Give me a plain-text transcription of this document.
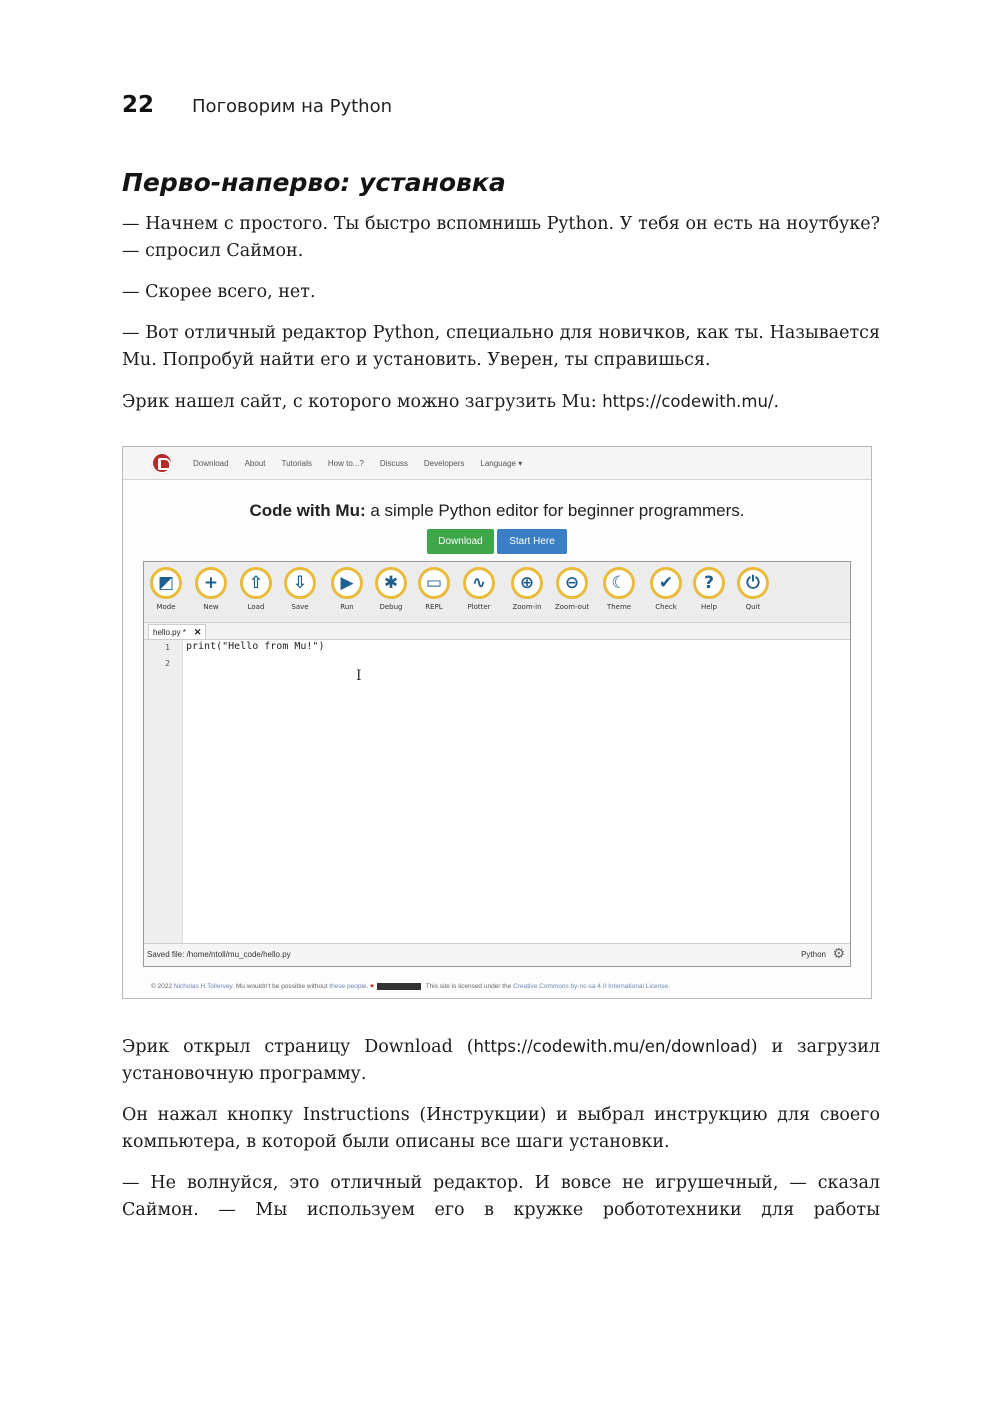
22 Поговорим на Python
Перво-наперво: установка

— Начнем с простого. Ты быстро вспомнишь Python. У тебя он есть на ноутбуке? — спросил Саймон.

— Скорее всего, нет.

— Вот отличный редактор Python, специально для новичков, как ты. Называется Mu. Попробуй найти его и установить. Уверен, ты справишься.

Эрик нашел сайт, с которого можно загрузить Mu: https://codewith.mu/.

Download About Tutorials How to...? Discuss Developers Language ▾
Code with Mu: a simple Python editor for beginner programmers.
Download	Start Here
◩
Mode
+
New
⇧
Load
⇩
Save
▶
Run
✱
Debug
▭
REPL
∿
Plotter
⊕
Zoom-in
⊖
Zoom-out
☾
Theme
✔
Check
?
Help
⏻
Quit
hello.py * ✕
1
2
print("Hello from Mu!")
I
Saved file: /home/ntoll/mu_code/hello.py	Python ⚙
© 2022 Nicholas H.Tollervey. Mu wouldn't be possible without these people. ♥	This site is licensed under the Creative Commons by-nc-sa 4.0 International License.

Эрик открыл страницу Download (https://codewith.mu/en/download) и загрузил установочную программу.

Он нажал кнопку Instructions (Инструкции) и выбрал инструкцию для своего компьютера, в которой были описаны все шаги установки.

— Не волнуйся, это отличный редактор. И вовсе не игрушечный, — сказал Саймон. — Мы используем его в кружке робототехники для работы
